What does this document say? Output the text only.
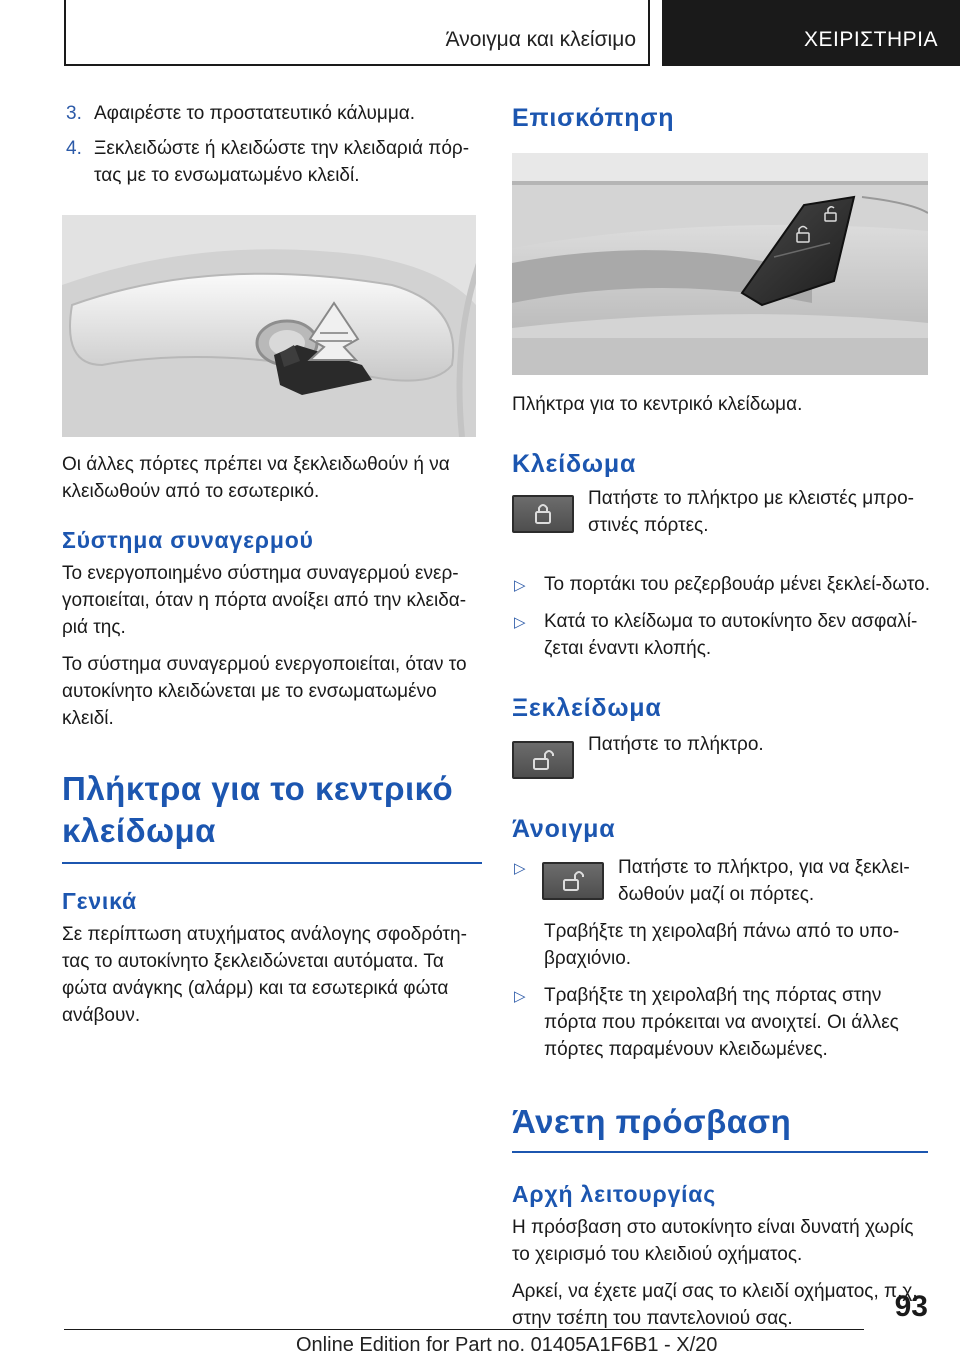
Άνοιγμα και κλείσιμο	ΧΕΙΡΙΣΤΗΡΙΑ
3. Αφαιρέστε το προστατευτικό κάλυμμα.
4. Ξεκλειδώστε ή κλειδώστε την κλειδαριά πόρ-τας με το ενσωματωμένο κλειδί.

Οι άλλες πόρτες πρέπει να ξεκλειδωθούν ή να κλειδωθούν από το εσωτερικό.

Σύστημα συναγερμού

Το ενεργοποιημένο σύστημα συναγερμού ενερ-γοποιείται, όταν η πόρτα ανοίξει από την κλειδα-ριά της.

Το σύστημα συναγερμού ενεργοποιείται, όταν το αυτοκίνητο κλειδώνεται με το ενσωματωμένο κλειδί.

Πλήκτρα για το κεντρικό
κλείδωμα
Γενικά

Σε περίπτωση ατυχήματος ανάλογης σφοδρότη-τας το αυτοκίνητο ξεκλειδώνεται αυτόματα. Τα φώτα ανάγκης (αλάρμ) και τα εσωτερικά φώτα ανάβουν.

Επισκόπηση

Πλήκτρα για το κεντρικό κλείδωμα.

Κλείδωμα

Πατήστε το πλήκτρο με κλειστές μπρο-στινές πόρτες.

▷ Το πορτάκι του ρεζερβουάρ μένει ξεκλεί-δωτο.
▷ Κατά το κλείδωμα το αυτοκίνητο δεν ασφαλί-ζεται έναντι κλοπής.
Ξεκλείδωμα

Πατήστε το πλήκτρο.

Άνοιγμα
▷	Πατήστε το πλήκτρο, για να ξεκλει-δωθούν μαζί οι πόρτες.

Τραβήξτε τη χειρολαβή πάνω από το υπο-βραχιόνιο.

▷ Τραβήξτε τη χειρολαβή της πόρτας στην πόρτα που πρόκειται να ανοιχτεί. Οι άλλες πόρτες παραμένουν κλειδωμένες.
Άνετη πρόσβαση
Αρχή λειτουργίας

Η πρόσβαση στο αυτοκίνητο είναι δυνατή χωρίς το χειρισμό του κλειδιού οχήματος.

Αρκεί, να έχετε μαζί σας το κλειδί οχήματος, π.χ. στην τσέπη του παντελονιού σας.	93
Online Edition for Part no. 01405A1F6B1 - X/20
